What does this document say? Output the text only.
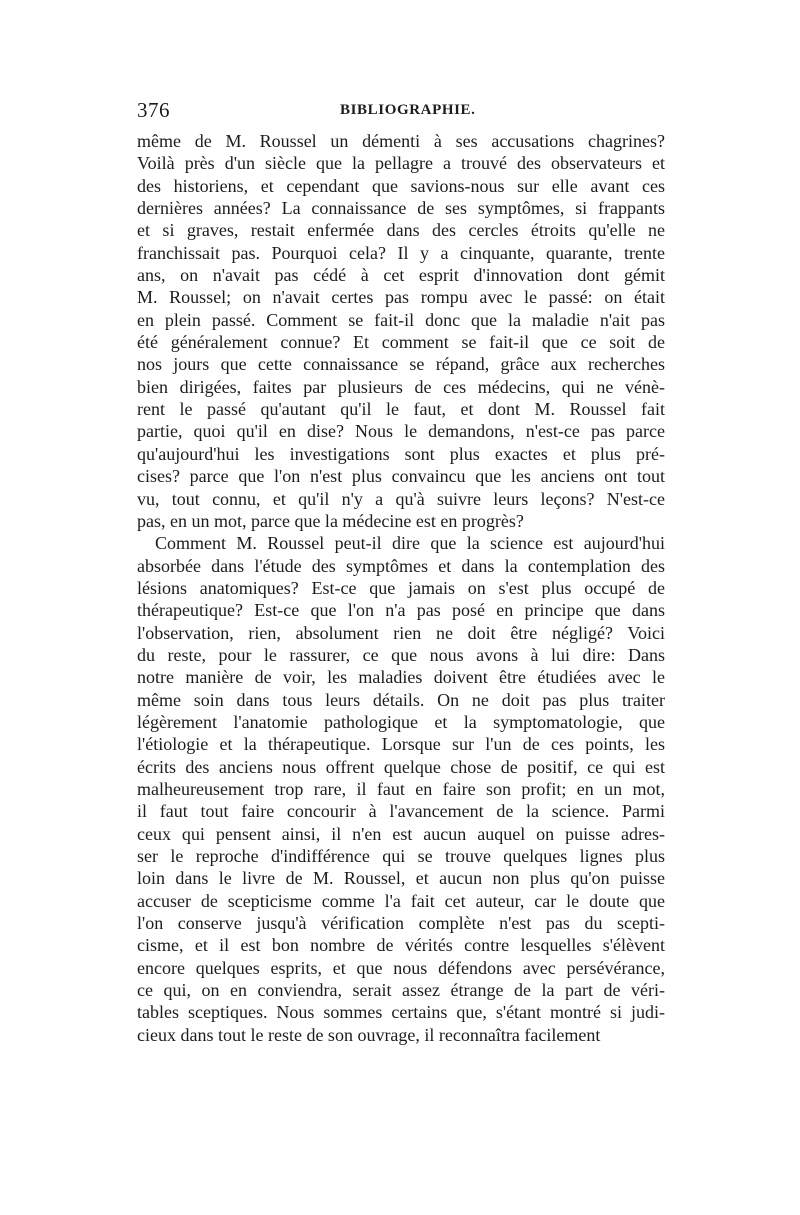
376	BIBLIOGRAPHIE.

même de M. Roussel un démenti à ses accusations chagrines?
Voilà près d'un siècle que la pellagre a trouvé des observateurs et
des historiens, et cependant que savions-nous sur elle avant ces
dernières années? La connaissance de ses symptômes, si frappants
et si graves, restait enfermée dans des cercles étroits qu'elle ne
franchissait pas. Pourquoi cela? Il y a cinquante, quarante, trente
ans, on n'avait pas cédé à cet esprit d'innovation dont gémit
M. Roussel; on n'avait certes pas rompu avec le passé: on était
en plein passé. Comment se fait-il donc que la maladie n'ait pas
été généralement connue? Et comment se fait-il que ce soit de
nos jours que cette connaissance se répand, grâce aux recherches
bien dirigées, faites par plusieurs de ces médecins, qui ne vénè-
rent le passé qu'autant qu'il le faut, et dont M. Roussel fait
partie, quoi qu'il en dise? Nous le demandons, n'est-ce pas parce
qu'aujourd'hui les investigations sont plus exactes et plus pré-
cises? parce que l'on n'est plus convaincu que les anciens ont tout
vu, tout connu, et qu'il n'y a qu'à suivre leurs leçons? N'est-ce
pas, en un mot, parce que la médecine est en progrès?

Comment M. Roussel peut-il dire que la science est aujourd'hui
absorbée dans l'étude des symptômes et dans la contemplation des
lésions anatomiques? Est-ce que jamais on s'est plus occupé de
thérapeutique? Est-ce que l'on n'a pas posé en principe que dans
l'observation, rien, absolument rien ne doit être négligé? Voici
du reste, pour le rassurer, ce que nous avons à lui dire: Dans
notre manière de voir, les maladies doivent être étudiées avec le
même soin dans tous leurs détails. On ne doit pas plus traiter
légèrement l'anatomie pathologique et la symptomatologie, que
l'étiologie et la thérapeutique. Lorsque sur l'un de ces points, les
écrits des anciens nous offrent quelque chose de positif, ce qui est
malheureusement trop rare, il faut en faire son profit; en un mot,
il faut tout faire concourir à l'avancement de la science. Parmi
ceux qui pensent ainsi, il n'en est aucun auquel on puisse adres-
ser le reproche d'indifférence qui se trouve quelques lignes plus
loin dans le livre de M. Roussel, et aucun non plus qu'on puisse
accuser de scepticisme comme l'a fait cet auteur, car le doute que
l'on conserve jusqu'à vérification complète n'est pas du scepti-
cisme, et il est bon nombre de vérités contre lesquelles s'élèvent
encore quelques esprits, et que nous défendons avec persévérance,
ce qui, on en conviendra, serait assez étrange de la part de véri-
tables sceptiques. Nous sommes certains que, s'étant montré si judi-
cieux dans tout le reste de son ouvrage, il reconnaîtra facilement
